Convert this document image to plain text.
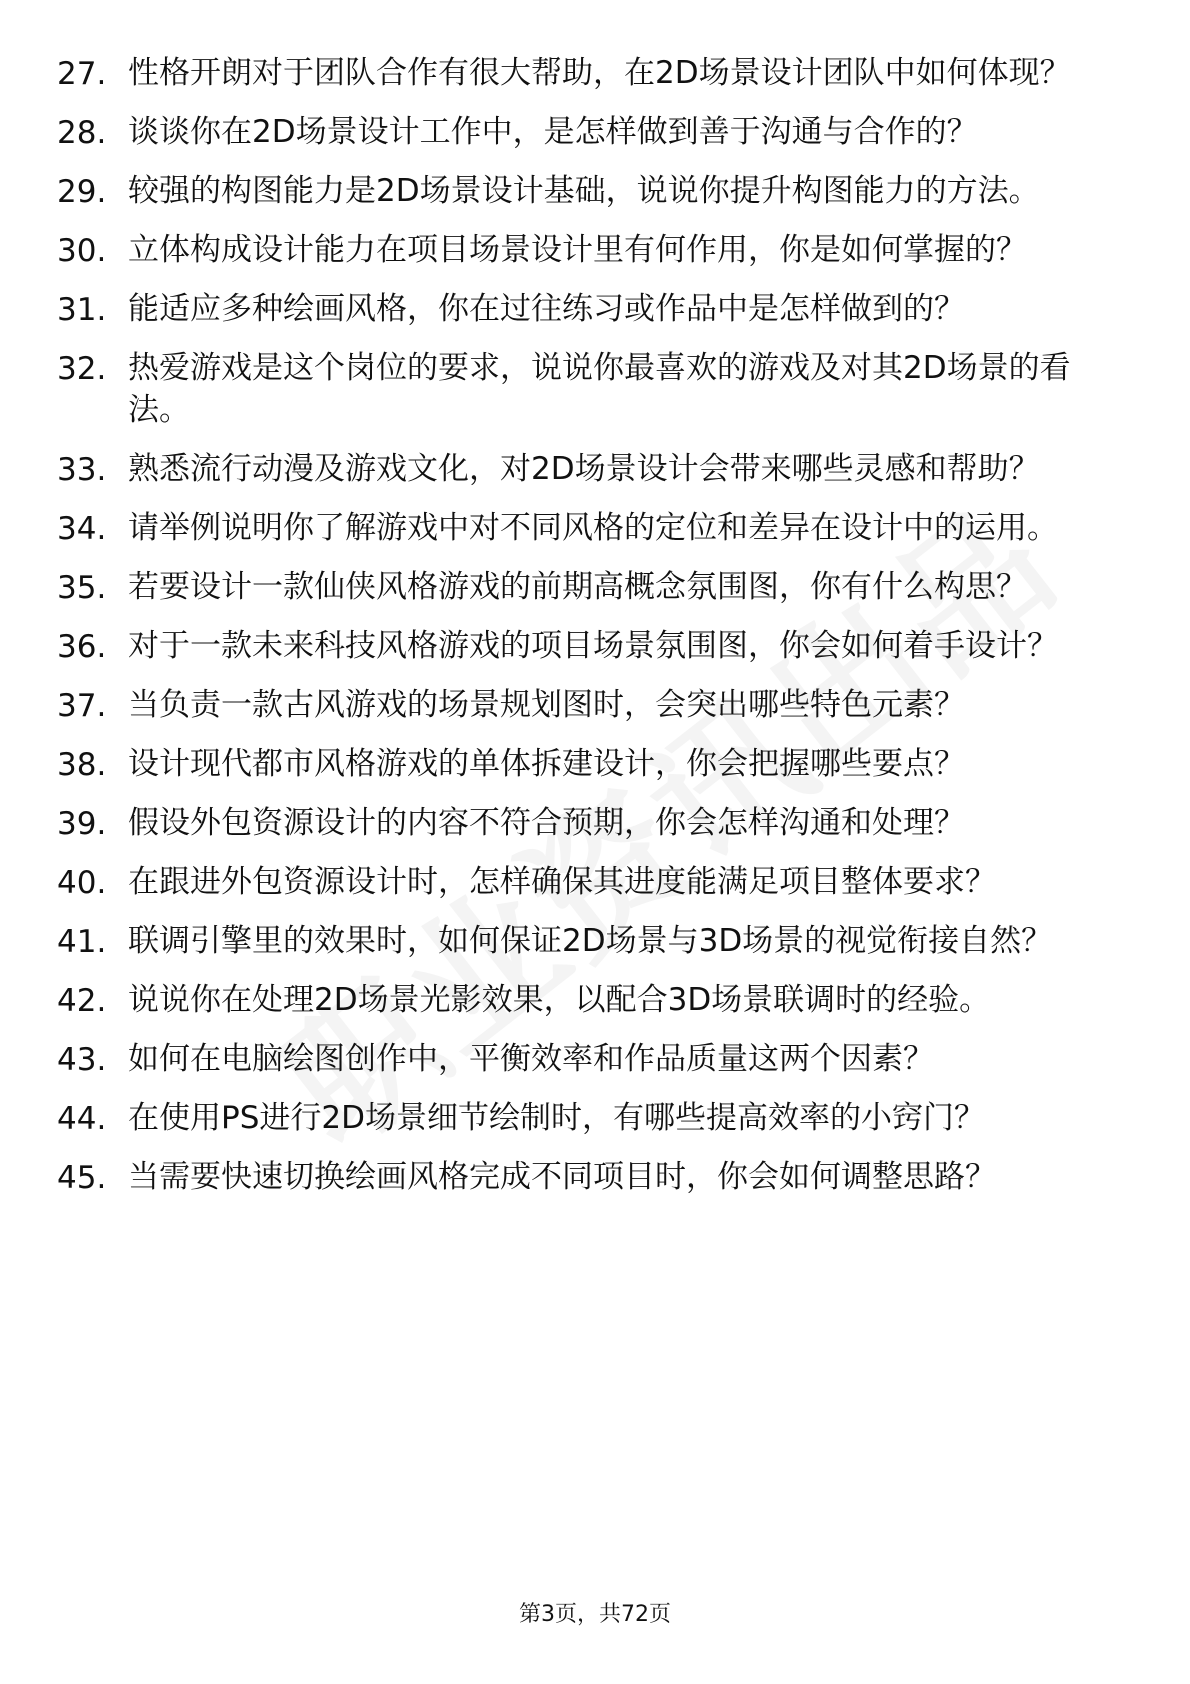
27. 性格开朗对于团队合作有很大帮助，在2D场景设计团队中如何体现？
28. 谈谈你在2D场景设计工作中，是怎样做到善于沟通与合作的？
29. 较强的构图能力是2D场景设计基础，说说你提升构图能力的方法。
30. 立体构成设计能力在项目场景设计里有何作用，你是如何掌握的？
31. 能适应多种绘画风格，你在过往练习或作品中是怎样做到的？
32. 热爱游戏是这个岗位的要求，说说你最喜欢的游戏及对其2D场景的看法。
33. 熟悉流行动漫及游戏文化，对2D场景设计会带来哪些灵感和帮助？
34. 请举例说明你了解游戏中对不同风格的定位和差异在设计中的运用。
35. 若要设计一款仙侠风格游戏的前期高概念氛围图，你有什么构思？
36. 对于一款未来科技风格游戏的项目场景氛围图，你会如何着手设计？
37. 当负责一款古风游戏的场景规划图时，会突出哪些特色元素？
38. 设计现代都市风格游戏的单体拆建设计，你会把握哪些要点？
39. 假设外包资源设计的内容不符合预期，你会怎样沟通和处理？
40. 在跟进外包资源设计时，怎样确保其进度能满足项目整体要求？
41. 联调引擎里的效果时，如何保证2D场景与3D场景的视觉衔接自然？
42. 说说你在处理2D场景光影效果，以配合3D场景联调时的经验。
43. 如何在电脑绘图创作中，平衡效率和作品质量这两个因素？
44. 在使用PS进行2D场景细节绘制时，有哪些提高效率的小窍门？
45. 当需要快速切换绘画风格完成不同项目时，你会如何调整思路？
第3页，共72页
